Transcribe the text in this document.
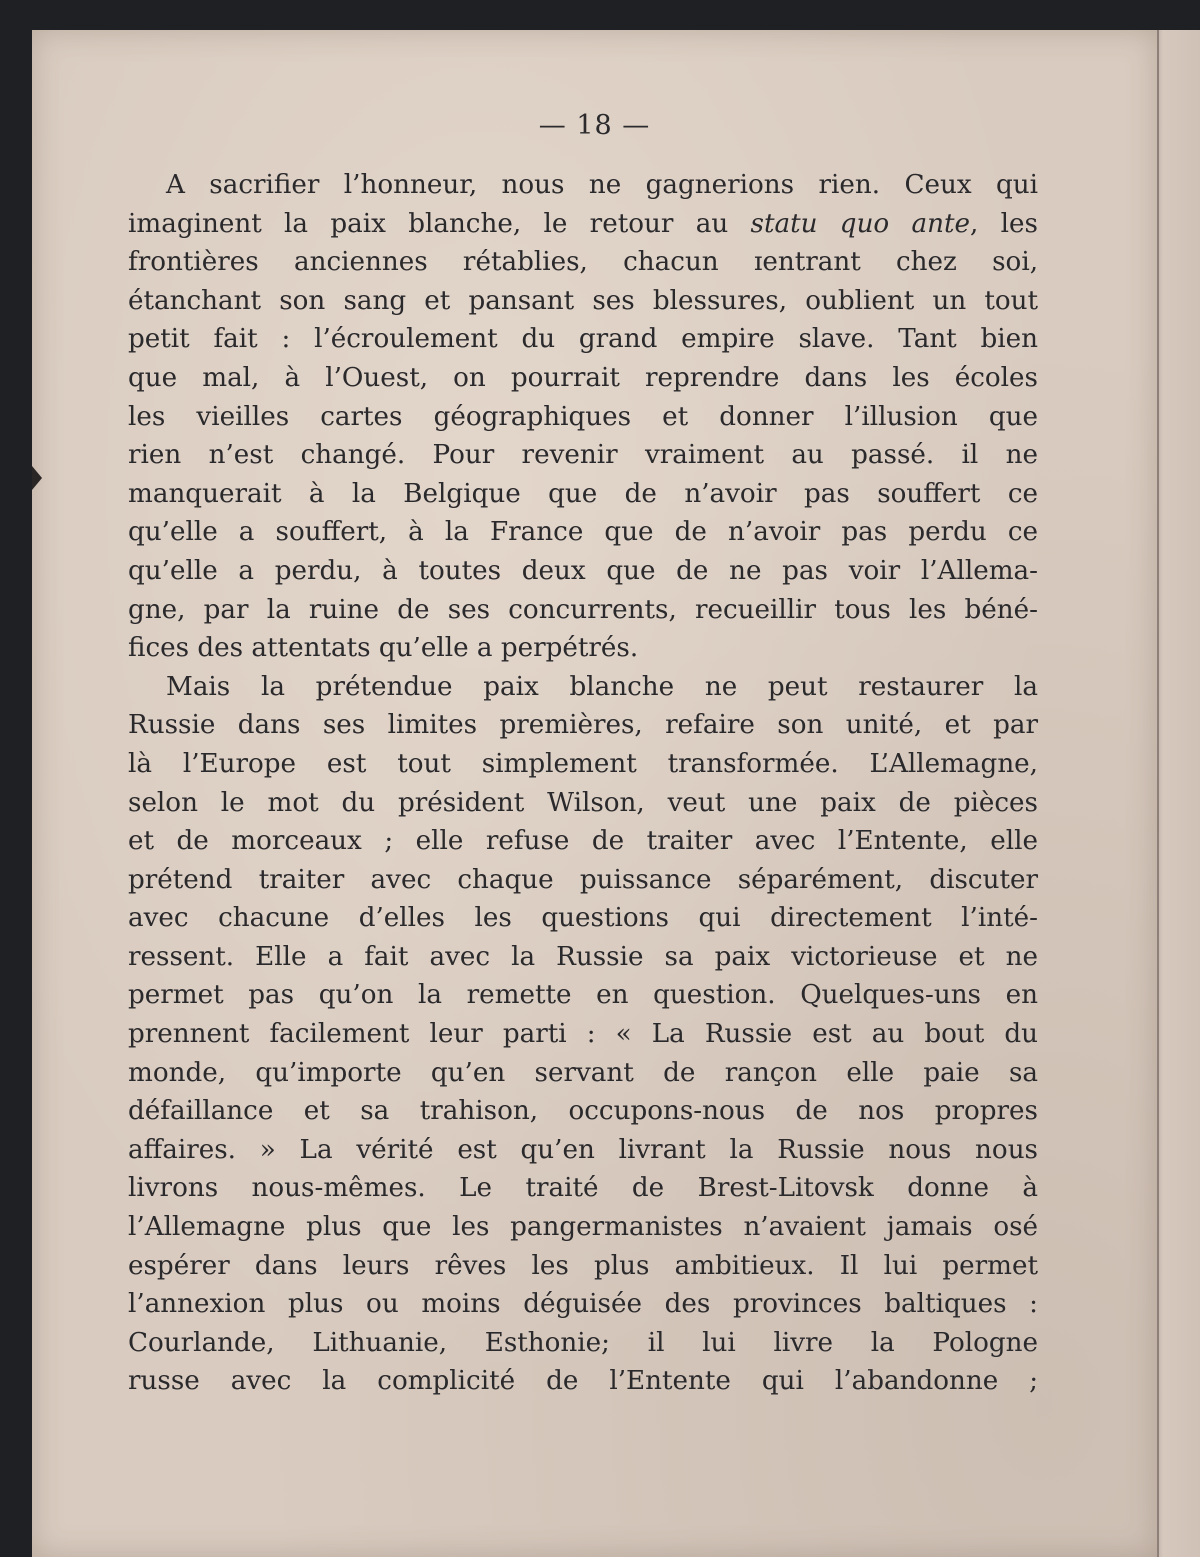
— 18 —
A sacrifier l’honneur, nous ne gagnerions rien. Ceux qui
imaginent la paix blanche, le retour au statu quo ante, les
frontières anciennes rétablies, chacun ɪentrant chez soi,
étanchant son sang et pansant ses blessures, oublient un tout
petit fait : l’écroulement du grand empire slave. Tant bien
que mal, à l’Ouest, on pourrait reprendre dans les écoles
les vieilles cartes géographiques et donner l’illusion que
rien n’est changé. Pour revenir vraiment au passé. il ne
manquerait à la Belgique que de n’avoir pas souffert ce
qu’elle a souffert, à la France que de n’avoir pas perdu ce
qu’elle a perdu, à toutes deux que de ne pas voir l’Allema-
gne, par la ruine de ses concurrents, recueillir tous les béné-
fices des attentats qu’elle a perpétrés.
Mais la prétendue paix blanche ne peut restaurer la
Russie dans ses limites premières, refaire son unité, et par
là l’Europe est tout simplement transformée. L’Allemagne,
selon le mot du président Wilson, veut une paix de pièces
et de morceaux ; elle refuse de traiter avec l’Entente, elle
prétend traiter avec chaque puissance séparément, discuter
avec chacune d’elles les questions qui directement l’inté-
ressent. Elle a fait avec la Russie sa paix victorieuse et ne
permet pas qu’on la remette en question. Quelques-uns en
prennent facilement leur parti : « La Russie est au bout du
monde, qu’importe qu’en servant de rançon elle paie sa
défaillance et sa trahison, occupons-nous de nos propres
affaires. » La vérité est qu’en livrant la Russie nous nous
livrons nous-mêmes. Le traité de Brest-Litovsk donne à
l’Allemagne plus que les pangermanistes n’avaient jamais osé
espérer dans leurs rêves les plus ambitieux. Il lui permet
l’annexion plus ou moins déguisée des provinces baltiques :
Courlande, Lithuanie, Esthonie; il lui livre la Pologne
russe avec la complicité de l’Entente qui l’abandonne ;
